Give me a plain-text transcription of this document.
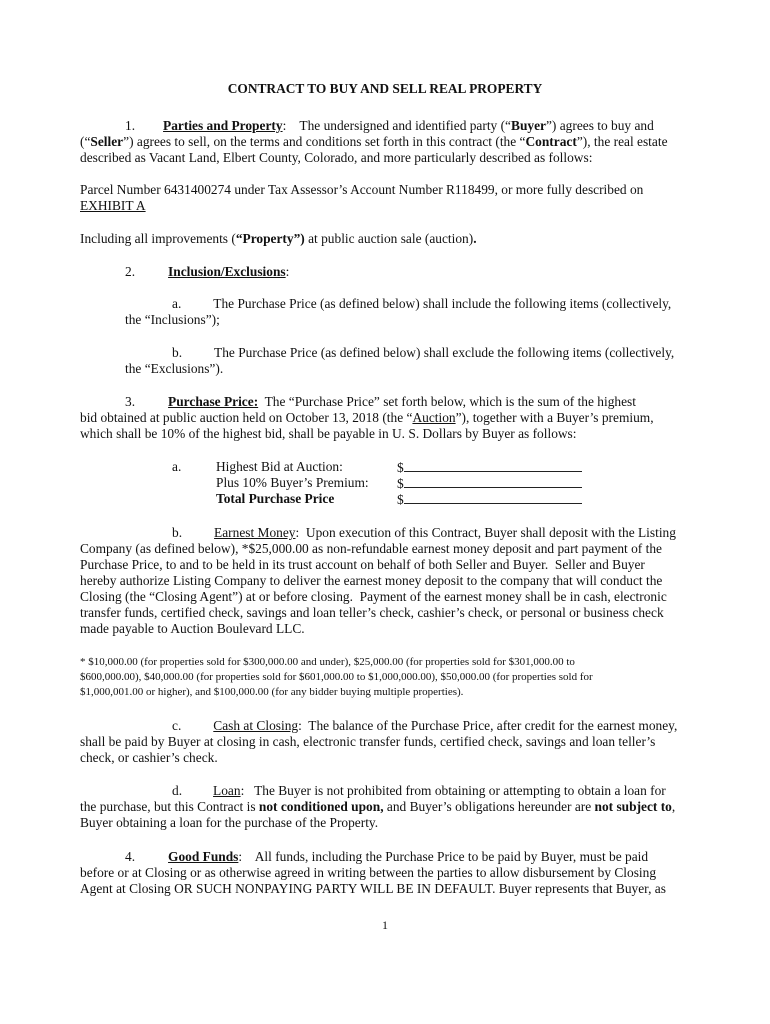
CONTRACT TO BUY AND SELL REAL PROPERTY
1. Parties and Property:    The undersigned and identified party (“Buyer”) agrees to buy and
(“Seller”) agrees to sell, on the terms and conditions set forth in this contract (the “Contract”), the real estate
described as Vacant Land, Elbert County, Colorado, and more particularly described as follows:
Parcel Number 6431400274 under Tax Assessor’s Account Number R118499, or more fully described on
EXHIBIT A
Including all improvements (“Property”) at public auction sale (auction).
2. Inclusion/Exclusions:
a. The Purchase Price (as defined below) shall include the following items (collectively,
the “Inclusions”);
b. The Purchase Price (as defined below) shall exclude the following items (collectively,
the “Exclusions”).
3. Purchase Price:  The “Purchase Price” set forth below, which is the sum of the highest
bid obtained at public auction held on October 13, 2018 (the “Auction”), together with a Buyer’s premium,
which shall be 10% of the highest bid, shall be payable in U. S. Dollars by Buyer as follows:
a.	Highest Bid at Auction:	$
Plus 10% Buyer’s Premium: $
Total Purchase Price	$
b. Earnest Money:  Upon execution of this Contract, Buyer shall deposit with the Listing
Company (as defined below), *$25,000.00 as non-refundable earnest money deposit and part payment of the
Purchase Price, to and to be held in its trust account on behalf of both Seller and Buyer.  Seller and Buyer
hereby authorize Listing Company to deliver the earnest money deposit to the company that will conduct the
Closing (the “Closing Agent”) at or before closing.  Payment of the earnest money shall be in cash, electronic
transfer funds, certified check, savings and loan teller’s check, cashier’s check, or personal or business check
made payable to Auction Boulevard LLC.
* $10,000.00 (for properties sold for $300,000.00 and under), $25,000.00 (for properties sold for $301,000.00 to
$600,000.00), $40,000.00 (for properties sold for $601,000.00 to $1,000,000.00), $50,000.00 (for properties sold for
$1,000,001.00 or higher), and $100,000.00 (for any bidder buying multiple properties).
c. Cash at Closing:  The balance of the Purchase Price, after credit for the earnest money,
shall be paid by Buyer at closing in cash, electronic transfer funds, certified check, savings and loan teller’s
check, or cashier’s check.
d. Loan:   The Buyer is not prohibited from obtaining or attempting to obtain a loan for
the purchase, but this Contract is not conditioned upon, and Buyer’s obligations hereunder are not subject to,
Buyer obtaining a loan for the purchase of the Property.
4. Good Funds:    All funds, including the Purchase Price to be paid by Buyer, must be paid
before or at Closing or as otherwise agreed in writing between the parties to allow disbursement by Closing
Agent at Closing OR SUCH NONPAYING PARTY WILL BE IN DEFAULT. Buyer represents that Buyer, as
1
